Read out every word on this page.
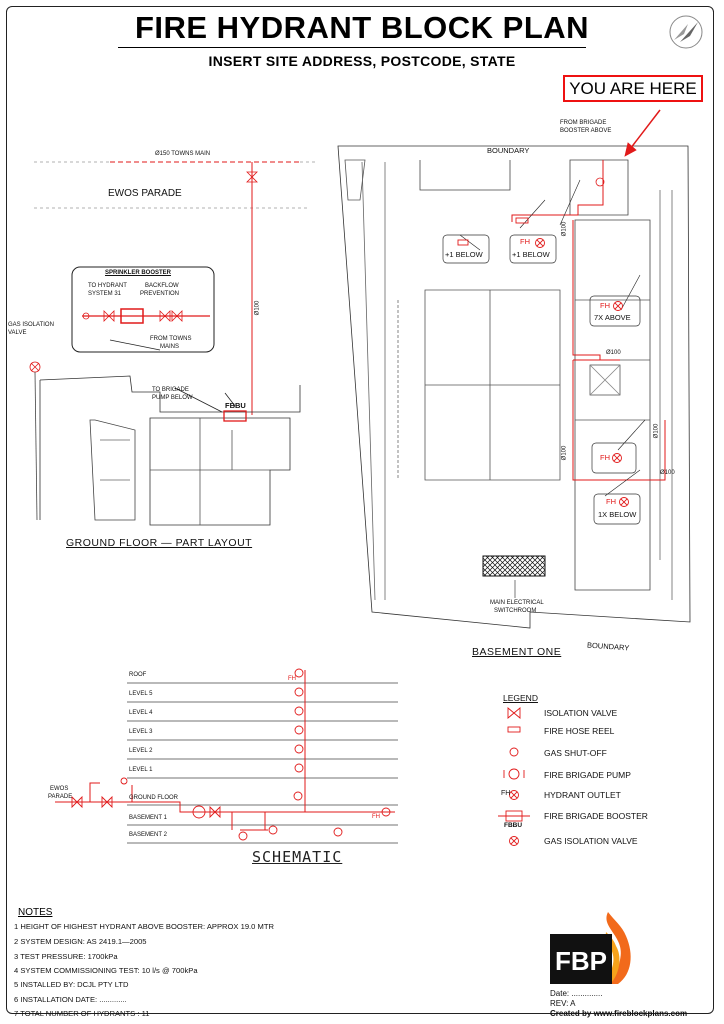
FIRE HYDRANT BLOCK PLAN
INSERT SITE ADDRESS, POSTCODE, STATE
YOU ARE HERE
Ø150 TOWNS MAIN
EWOS PARADE
Ø100
SPRINKLER BOOSTER
TO HYDRANT
SYSTEM 31
BACKFLOW
PREVENTION
FROM TOWNS
MAINS
GAS ISOLATION
VALVE
TO BRIGADE
PUMP BELOW
FBBU
GROUND FLOOR — PART LAYOUT
FROM BRIGADE
BOOSTER ABOVE
BOUNDARY
BOUNDARY
+1 BELOW
FH
+1 BELOW
FH
7X ABOVE
FH
FH
1X BELOW
Ø100
Ø100
Ø100
Ø100
Ø100
MAIN ELECTRICAL
SWITCHROOM
BASEMENT ONE
ROOF
LEVEL 5
LEVEL 4
LEVEL 3
LEVEL 2
LEVEL 1
GROUND FLOOR
BASEMENT 1
BASEMENT 2
FH
FH
EWOS
PARADE
SCHEMATIC
LEGEND
ISOLATION VALVE
FIRE HOSE REEL
GAS SHUT-OFF
FIRE BRIGADE PUMP
FH	HYDRANT OUTLET
FIRE BRIGADE BOOSTER
FBBU
GAS ISOLATION VALVE
NOTES
1 HEIGHT OF HIGHEST HYDRANT ABOVE BOOSTER: APPROX 19.0 MTR
2 SYSTEM DESIGN: AS 2419.1—2005
3 TEST PRESSURE: 1700kPa
4 SYSTEM COMMISSIONING TEST: 10 l/s @ 700kPa
5 INSTALLED BY: DCJL PTY LTD
6 INSTALLATION DATE: .............
7 TOTAL NUMBER OF HYDRANTS : 11
FBP
Date: ..............
REV: A
Created by www.fireblockplans.com
